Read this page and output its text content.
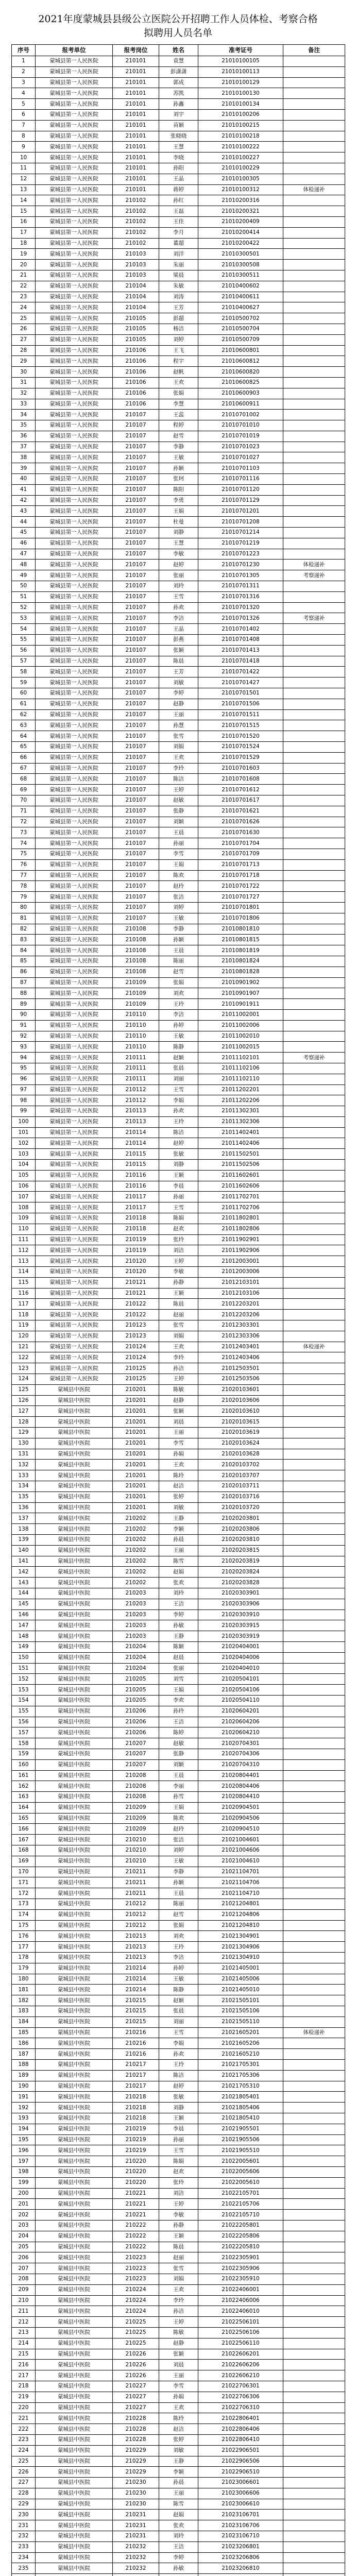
2021年度蒙城县县级公立医院公开招聘工作人员体检、考察合格
拟聘用人员名单
序号	报考单位	报考岗位	姓名	准考证号	备注
1	蒙城县第一人民医院	210101	袁慧	21010100105	
2	蒙城县第一人民医院	210101	彭潇潇	21010100113	
3	蒙城县第一人民医院	210101	郭成	21010100129	
4	蒙城县第一人民医院	210101	苏凯	21010100130	
5	蒙城县第一人民医院	210101	孙鑫	21010100134	
6	蒙城县第一人民医院	210101	刘宇	21010100206	
7	蒙城县第一人民医院	210101	苗颖	21010100215	
8	蒙城县第一人民医院	210101	张晓晓	21010100218	
9	蒙城县第一人民医院	210101	王慧	21010100222	
10	蒙城县第一人民医院	210101	李晓	21010100227	
11	蒙城县第一人民医院	210101	孙阳	21010100229	
12	蒙城县第一人民医院	210101	王晶	21010100305	
13	蒙城县第一人民医院	210101	蒋婷	21010100312	体检递补
14	蒙城县第一人民医院	210102	孙红	21010200316	
15	蒙城县第一人民医院	210102	王磊	21010200321	
16	蒙城县第一人民医院	210102	王佳	21010200409	
17	蒙城县第一人民医院	210102	李月	21010200414	
18	蒙城县第一人民医院	210102	董超	21010200422	
19	蒙城县第一人民医院	210103	刘洋	21010300501	
20	蒙城县第一人民医院	210103	朱丽	21010300508	
21	蒙城县第一人民医院	210103	梁晨	21010300511	
22	蒙城县第一人民医院	210104	朱敏	21010400602	
23	蒙城县第一人民医院	210104	刘涛	21010400611	
24	蒙城县第一人民医院	210104	王芳	21010400627	
25	蒙城县第一人民医院	210105	彭超	21010500702	
26	蒙城县第一人民医院	210105	杨洁	21010500704	
27	蒙城县第一人民医院	210105	刘婷	21010500709	
28	蒙城县第一人民医院	210106	王飞	21010600801	
29	蒙城县第一人民医院	210106	程宇	21010600812	
30	蒙城县第一人民医院	210106	赵帆	21010600820	
31	蒙城县第一人民医院	210106	王欢	21010600825	
32	蒙城县第一人民医院	210106	张娟	21010600903	
33	蒙城县第一人民医院	210106	李慧	21010600911	
34	蒙城县第一人民医院	210107	王蕊	21010701002	
35	蒙城县第一人民医院	210107	程婷	21010701010	
36	蒙城县第一人民医院	210107	赵雪	21010701019	
37	蒙城县第一人民医院	210107	李静	21010701023	
38	蒙城县第一人民医院	210107	王敏	21010701027	
39	蒙城县第一人民医院	210107	孙颖	21010701103	
40	蒙城县第一人民医院	210107	张珂	21010701116	
41	蒙城县第一人民医院	210107	陈阳	21010701120	
42	蒙城县第一人民医院	210107	李勇	21010701129	
43	蒙城县第一人民医院	210107	王娟	21010701201	
44	蒙城县第一人民医院	210107	杜曼	21010701208	
45	蒙城县第一人民医院	210107	刘静	21010701214	
46	蒙城县第一人民医院	210107	王慧	21010701219	
47	蒙城县第一人民医院	210107	李敏	21010701223	
48	蒙城县第一人民医院	210107	赵婷	21010701230	体检递补
49	蒙城县第一人民医院	210107	张丽	21010701305	考察递补
50	蒙城县第一人民医院	210107	刘玲	21010701311	
51	蒙城县第一人民医院	210107	王雪	21010701316	
52	蒙城县第一人民医院	210107	孙欢	21010701320	
53	蒙城县第一人民医院	210107	李洁	21010701326	考察递补
54	蒙城县第一人民医院	210107	王晶	21010701402	
55	蒙城县第一人民医院	210107	彭燕	21010701408	
56	蒙城县第一人民医院	210107	张颖	21010701413	
57	蒙城县第一人民医院	210107	陈晨	21010701418	
58	蒙城县第一人民医院	210107	王芳	21010701422	
59	蒙城县第一人民医院	210107	刘敏	21010701427	
60	蒙城县第一人民医院	210107	李婷	21010701501	
61	蒙城县第一人民医院	210107	赵静	21010701506	
62	蒙城县第一人民医院	210107	王丽	21010701511	
63	蒙城县第一人民医院	210107	孙慧	21010701515	
64	蒙城县第一人民医院	210107	张雪	21010701520	
65	蒙城县第一人民医院	210107	刘娟	21010701524	
66	蒙城县第一人民医院	210107	王欢	21010701529	
67	蒙城县第一人民医院	210107	李玲	21010701603	
68	蒙城县第一人民医院	210107	陈洁	21010701608	
69	蒙城县第一人民医院	210107	王婷	21010701612	
70	蒙城县第一人民医院	210107	赵敏	21010701617	
71	蒙城县第一人民医院	210107	张静	21010701621	
72	蒙城县第一人民医院	210107	刘颖	21010701626	
73	蒙城县第一人民医院	210107	王晨	21010701630	
74	蒙城县第一人民医院	210107	孙丽	21010701704	
75	蒙城县第一人民医院	210107	李雪	21010701709	
76	蒙城县第一人民医院	210107	王娟	21010701713	
77	蒙城县第一人民医院	210107	陈欢	21010701718	
78	蒙城县第一人民医院	210107	赵玲	21010701722	
79	蒙城县第一人民医院	210107	张洁	21010701727	
80	蒙城县第一人民医院	210107	刘婷	21010701801	
81	蒙城县第一人民医院	210107	王敏	21010701806	
82	蒙城县第一人民医院	210108	李静	21010801810	
83	蒙城县第一人民医院	210108	孙颖	21010801815	
84	蒙城县第一人民医院	210108	王晨	21010801819	
85	蒙城县第一人民医院	210108	陈丽	21010801824	
86	蒙城县第一人民医院	210108	赵雪	21010801828	
87	蒙城县第一人民医院	210109	张娟	21010901902	
88	蒙城县第一人民医院	210109	刘欢	21010901907	
89	蒙城县第一人民医院	210109	王玲	21010901911	
90	蒙城县第一人民医院	210110	李洁	21011002001	
91	蒙城县第一人民医院	210110	孙婷	21011002006	
92	蒙城县第一人民医院	210110	王敏	21011002010	
93	蒙城县第一人民医院	210110	陈静	21011002015	
94	蒙城县第一人民医院	210111	赵颖	21011102101	考察递补
95	蒙城县第一人民医院	210111	张晨	21011102106	
96	蒙城县第一人民医院	210111	刘丽	21011102110	
97	蒙城县第一人民医院	210112	王雪	21011202201	
98	蒙城县第一人民医院	210112	李娟	21011202206	
99	蒙城县第一人民医院	210113	孙欢	21011302301	
100	蒙城县第一人民医院	210113	王玲	21011302306	
101	蒙城县第一人民医院	210114	陈洁	21011402401	
102	蒙城县第一人民医院	210114	赵婷	21011402406	
103	蒙城县第一人民医院	210115	张敏	21011502501	
104	蒙城县第一人民医院	210115	刘静	21011502506	
105	蒙城县第一人民医院	210116	王颖	21011602601	
106	蒙城县第一人民医院	210116	李晨	21011602606	
107	蒙城县第一人民医院	210117	孙丽	21011702701	
108	蒙城县第一人民医院	210117	王雪	21011702706	
109	蒙城县第一人民医院	210118	陈娟	21011802801	
110	蒙城县第一人民医院	210118	赵欢	21011802806	
111	蒙城县第一人民医院	210119	张玲	21011902901	
112	蒙城县第一人民医院	210119	刘洁	21011902906	
113	蒙城县第一人民医院	210120	王婷	21012003001	
114	蒙城县第一人民医院	210120	李敏	21012003006	
115	蒙城县第一人民医院	210121	孙静	21012103101	
116	蒙城县第一人民医院	210121	王颖	21012103106	
117	蒙城县第一人民医院	210122	陈晨	21012203201	
118	蒙城县第一人民医院	210122	赵丽	21012203206	
119	蒙城县第一人民医院	210123	张雪	21012303301	
120	蒙城县第一人民医院	210123	刘娟	21012303306	
121	蒙城县第一人民医院	210124	王欢	21012403401	体检递补
122	蒙城县第一人民医院	210124	李玲	21012403406	
123	蒙城县第一人民医院	210125	孙洁	21012503501	
124	蒙城县第一人民医院	210125	王婷	21012503506	
125	蒙城县中医院	210201	陈敏	21020103601	
126	蒙城县中医院	210201	赵静	21020103606	
127	蒙城县中医院	210201	张颖	21020103610	
128	蒙城县中医院	210201	刘晨	21020103615	
129	蒙城县中医院	210201	王丽	21020103619	
130	蒙城县中医院	210201	李雪	21020103624	
131	蒙城县中医院	210201	孙娟	21020103628	
132	蒙城县中医院	210201	王欢	21020103702	
133	蒙城县中医院	210201	陈玲	21020103707	
134	蒙城县中医院	210201	赵洁	21020103711	
135	蒙城县中医院	210201	张婷	21020103716	
136	蒙城县中医院	210201	刘敏	21020103720	
137	蒙城县中医院	210202	王静	21020203801	
138	蒙城县中医院	210202	李颖	21020203806	
139	蒙城县中医院	210202	孙晨	21020203810	
140	蒙城县中医院	210202	王丽	21020203815	
141	蒙城县中医院	210202	陈雪	21020203819	
142	蒙城县中医院	210202	赵娟	21020203824	
143	蒙城县中医院	210202	张欢	21020203828	
144	蒙城县中医院	210203	刘玲	21020303901	
145	蒙城县中医院	210203	王洁	21020303906	
146	蒙城县中医院	210203	李婷	21020303910	
147	蒙城县中医院	210203	孙敏	21020303915	
148	蒙城县中医院	210203	王静	21020303919	
149	蒙城县中医院	210204	陈颖	21020404001	
150	蒙城县中医院	210204	赵晨	21020404006	
151	蒙城县中医院	210204	张丽	21020404010	
152	蒙城县中医院	210205	刘雪	21020504101	
153	蒙城县中医院	210205	王娟	21020504106	
154	蒙城县中医院	210205	李欢	21020504110	
155	蒙城县中医院	210206	孙玲	21020604201	
156	蒙城县中医院	210206	王洁	21020604206	
157	蒙城县中医院	210206	陈婷	21020604210	
158	蒙城县中医院	210207	赵敏	21020704301	
159	蒙城县中医院	210207	张静	21020704306	
160	蒙城县中医院	210207	刘颖	21020704310	
161	蒙城县中医院	210208	王晨	21020804401	
162	蒙城县中医院	210208	李丽	21020804406	
163	蒙城县中医院	210208	孙雪	21020804410	
164	蒙城县中医院	210209	王娟	21020904501	
165	蒙城县中医院	210209	陈欢	21020904506	
166	蒙城县中医院	210209	赵玲	21020904510	
167	蒙城县中医院	210210	张洁	21021004601	
168	蒙城县中医院	210210	刘婷	21021004606	
169	蒙城县中医院	210210	王敏	21021004610	
170	蒙城县中医院	210211	李静	21021104701	
171	蒙城县中医院	210211	孙颖	21021104706	
172	蒙城县中医院	210211	王晨	21021104710	
173	蒙城县中医院	210212	陈丽	21021204801	
174	蒙城县中医院	210212	赵雪	21021204806	
175	蒙城县中医院	210212	张娟	21021204810	
176	蒙城县中医院	210213	刘欢	21021304901	
177	蒙城县中医院	210213	王玲	21021304906	
178	蒙城县中医院	210213	李洁	21021304910	
179	蒙城县中医院	210214	孙婷	21021405001	
180	蒙城县中医院	210214	王敏	21021405006	
181	蒙城县中医院	210214	陈静	21021405010	
182	蒙城县中医院	210215	赵颖	21021505101	
183	蒙城县中医院	210215	张晨	21021505106	
184	蒙城县中医院	210215	刘丽	21021505110	
185	蒙城县中医院	210216	王雪	21021605201	体检递补
186	蒙城县中医院	210216	李娟	21021605206	
187	蒙城县中医院	210216	孙欢	21021605210	
188	蒙城县中医院	210217	王玲	21021705301	
189	蒙城县中医院	210217	陈洁	21021705306	
190	蒙城县中医院	210217	赵婷	21021705310	
191	蒙城县中医院	210218	张敏	21021805401	
192	蒙城县中医院	210218	刘静	21021805406	
193	蒙城县中医院	210218	王颖	21021805410	
194	蒙城县中医院	210219	李晨	21021905501	
195	蒙城县中医院	210219	孙丽	21021905506	
196	蒙城县中医院	210219	王雪	21021905510	
197	蒙城县中医院	210220	陈娟	21022005601	
198	蒙城县中医院	210220	赵欢	21022005606	
199	蒙城县中医院	210220	张玲	21022005610	
200	蒙城县中医院	210221	刘洁	21022105701	
201	蒙城县中医院	210221	王婷	21022105706	
202	蒙城县中医院	210221	李敏	21022105710	
203	蒙城县中医院	210222	孙静	21022205801	
204	蒙城县中医院	210222	王颖	21022205806	
205	蒙城县中医院	210222	陈晨	21022205810	
206	蒙城县中医院	210223	赵丽	21022305901	
207	蒙城县中医院	210223	张雪	21022305906	
208	蒙城县中医院	210223	刘娟	21022305910	
209	蒙城县中医院	210224	王欢	21022406001	
210	蒙城县中医院	210224	李玲	21022406006	
211	蒙城县中医院	210224	孙洁	21022406010	
212	蒙城县中医院	210225	王婷	21022506101	
213	蒙城县中医院	210225	陈敏	21022506106	
214	蒙城县中医院	210225	赵静	21022506110	
215	蒙城县中医院	210226	张颖	21022606201	
216	蒙城县中医院	210226	刘晨	21022606206	
217	蒙城县中医院	210226	王丽	21022606210	
218	蒙城县中医院	210227	李雪	21022706301	
219	蒙城县中医院	210227	孙娟	21022706306	
220	蒙城县中医院	210227	王欢	21022706310	
221	蒙城县中医院	210228	陈玲	21022806401	
222	蒙城县中医院	210228	赵洁	21022806406	
223	蒙城县中医院	210228	张婷	21022806410	
224	蒙城县中医院	210229	刘敏	21022906501	
225	蒙城县中医院	210229	王静	21022906506	
226	蒙城县中医院	210229	李颖	21022906510	
227	蒙城县中医院	210230	孙晨	21023006601	
228	蒙城县中医院	210230	王丽	21023006606	
229	蒙城县中医院	210230	陈雪	21023006610	
230	蒙城县中医院	210231	赵娟	21023106701	
231	蒙城县中医院	210231	张欢	21023106706	
232	蒙城县中医院	210231	刘玲	21023106710	
233	蒙城县中医院	210232	王洁	21023206801	
234	蒙城县中医院	210232	李婷	21023206806	
235	蒙城县中医院	210232	孙敏	21023206810	
